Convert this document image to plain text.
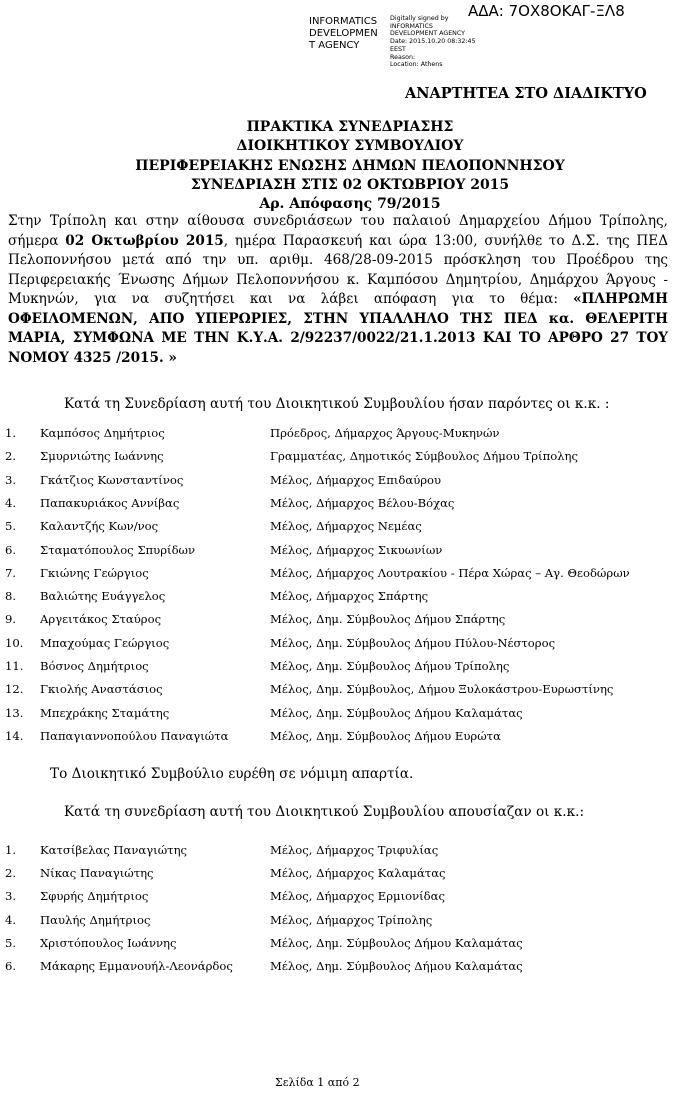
ΑΔΑ: 7ΟΧ8ΟΚΑΓ-ΞΛ8
INFORMATICS
DEVELOPMEN
T AGENCY
Digitally signed by
INFORMATICS
DEVELOPMENT AGENCY
Date: 2015.10.20 08:32:45
EEST
Reason:
Location: Athens
ΑΝΑΡΤΗΤΕΑ ΣΤΟ ΔΙΑΔΙΚΤΥΟ
ΠΡΑΚΤΙΚΑ ΣΥΝΕΔΡΙΑΣΗΣ
ΔΙΟΙΚΗΤΙΚΟΥ ΣΥΜΒΟΥΛΙΟΥ
ΠΕΡΙΦΕΡΕΙΑΚΗΣ ΕΝΩΣΗΣ ΔΗΜΩΝ ΠΕΛΟΠΟΝΝΗΣΟΥ
ΣΥΝΕΔΡΙΑΣΗ ΣΤΙΣ 02 ΟΚΤΩΒΡΙΟΥ 2015
Αρ. Απόφασης 79/2015
Στην Τρίπολη και στην αίθουσα συνεδριάσεων του παλαιού Δημαρχείου Δήμου Τρίπολης, σήμερα 02 Οκτωβρίου 2015, ημέρα Παρασκευή και ώρα 13:00, συνήλθε το Δ.Σ. της ΠΕΔ Πελοποννήσου μετά από την υπ. αριθμ. 468/28-09-2015 πρόσκληση του Προέδρου της Περιφερειακής Ένωσης Δήμων Πελοποννήσου κ. Καμπόσου Δημητρίου, Δημάρχου Άργους - Μυκηνών, για να συζητήσει και να λάβει απόφαση για το θέμα: «ΠΛΗΡΩΜΗ ΟΦΕΙΛΟΜΕΝΩΝ, ΑΠΟ ΥΠΕΡΩΡΙΕΣ, ΣΤΗΝ ΥΠΑΛΛΗΛΟ ΤΗΣ ΠΕΔ κα. ΘΕΛΕΡΙΤΗ ΜΑΡΙΑ, ΣΥΜΦΩΝΑ ΜΕ ΤΗΝ Κ.Υ.Α. 2/92237/0022/21.1.2013 ΚΑΙ ΤΟ ΑΡΘΡΟ 27 ΤΟΥ ΝΟΜΟΥ 4325 /2015. »
Κατά τη Συνεδρίαση αυτή του Διοικητικού Συμβουλίου ήσαν παρόντες οι κ.κ. :
1. Καμπόσος Δημήτριος	Πρόεδρος, Δήμαρχος Άργους-Μυκηνών
2. Σμυρνιώτης Ιωάννης	Γραμματέας, Δημοτικός Σύμβουλος Δήμου Τρίπολης
3. Γκάτζιος Κωνσταντίνος	Μέλος, Δήμαρχος Επιδαύρου
4. Παπακυριάκος Αννίβας	Μέλος, Δήμαρχος Βέλου-Βόχας
5. Καλαντζής Κων/νος	Μέλος, Δήμαρχος Νεμέας
6. Σταματόπουλος Σπυρίδων	Μέλος, Δήμαρχος Σικυωνίων
7. Γκιώνης Γεώργιος	Μέλος, Δήμαρχος Λουτρακίου - Πέρα Χώρας – Αγ. Θεοδώρων
8. Βαλιώτης Ευάγγελος	Μέλος, Δήμαρχος Σπάρτης
9. Αργειτάκος Σταύρος	Μέλος, Δημ. Σύμβουλος Δήμου Σπάρτης
10. Μπαχούμας Γεώργιος	Μέλος, Δημ. Σύμβουλος Δήμου Πύλου-Νέστορος
11. Βόσνος Δημήτριος	Μέλος, Δημ. Σύμβουλος Δήμου Τρίπολης
12. Γκιολής Αναστάσιος	Μέλος, Δημ. Σύμβουλος, Δήμου Ξυλοκάστρου-Ευρωστίνης
13. Μπεχράκης Σταμάτης	Μέλος, Δημ. Σύμβουλος Δήμου Καλαμάτας
14. Παπαγιαννοπούλου Παναγιώτα	Μέλος, Δημ. Σύμβουλος Δήμου Ευρώτα
Το Διοικητικό Συμβούλιο ευρέθη σε νόμιμη απαρτία.
Κατά τη συνεδρίαση αυτή του Διοικητικού Συμβουλίου απουσίαζαν οι κ.κ.:
1. Κατσίβελας Παναγιώτης	Μέλος, Δήμαρχος Τριφυλίας
2. Νίκας Παναγιώτης	Μέλος, Δήμαρχος Καλαμάτας
3. Σφυρής Δημήτριος	Μέλος, Δήμαρχος Ερμιονίδας
4. Παυλής Δημήτριος	Μέλος, Δήμαρχος Τρίπολης
5. Χριστόπουλος Ιωάννης	Μέλος, Δημ. Σύμβουλος Δήμου Καλαμάτας
6. Μάκαρης Εμμανουήλ-Λεονάρδος	Μέλος, Δημ. Σύμβουλος Δήμου Καλαμάτας
Σελίδα 1 από 2
